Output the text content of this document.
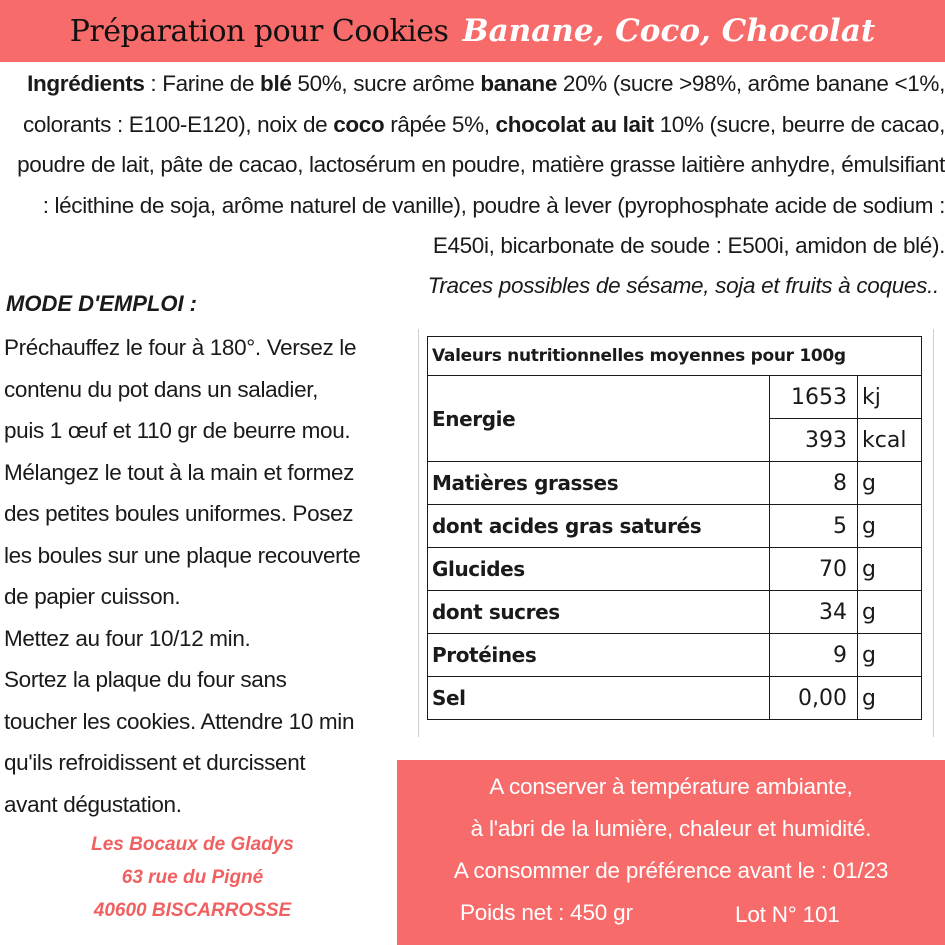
Préparation pour Cookies Banane, Coco, Chocolat
Ingrédients : Farine de blé 50%, sucre arôme banane 20% (sucre >98%, arôme banane <1%, colorants : E100-E120), noix de coco râpée 5%, chocolat au lait 10% (sucre, beurre de cacao, poudre de lait, pâte de cacao, lactosérum en poudre, matière grasse laitière anhydre, émulsifiant : lécithine de soja, arôme naturel de vanille), poudre à lever (pyrophosphate acide de sodium : E450i, bicarbonate de soude : E500i, amidon de blé).
Traces possibles de sésame, soja et fruits à coques..
MODE D'EMPLOI :
Préchauffez le four à 180°. Versez le
contenu du pot dans un saladier,
puis 1 œuf et 110 gr de beurre mou.
Mélangez le tout à la main et formez
des petites boules uniformes. Posez
les boules sur une plaque recouverte
de papier cuisson.
Mettez au four 10/12 min.
Sortez la plaque du four sans
toucher les cookies. Attendre 10 min
qu'ils refroidissent et durcissent
avant dégustation.
Les Bocaux de Gladys
63 rue du Pigné
40600 BISCARROSSE
Valeurs nutritionnelles moyennes pour 100g		
Energie	1653	kj
	393	kcal
Matières grasses	8	g
dont acides gras saturés	5	g
Glucides	70	g
dont sucres	34	g
Protéines	9	g
Sel	0,00	g
A conserver à température ambiante,
à l'abri de la lumière, chaleur et humidité.
A consommer de préférence avant le : 01/23
Poids net : 450 gr	Lot N° 101
